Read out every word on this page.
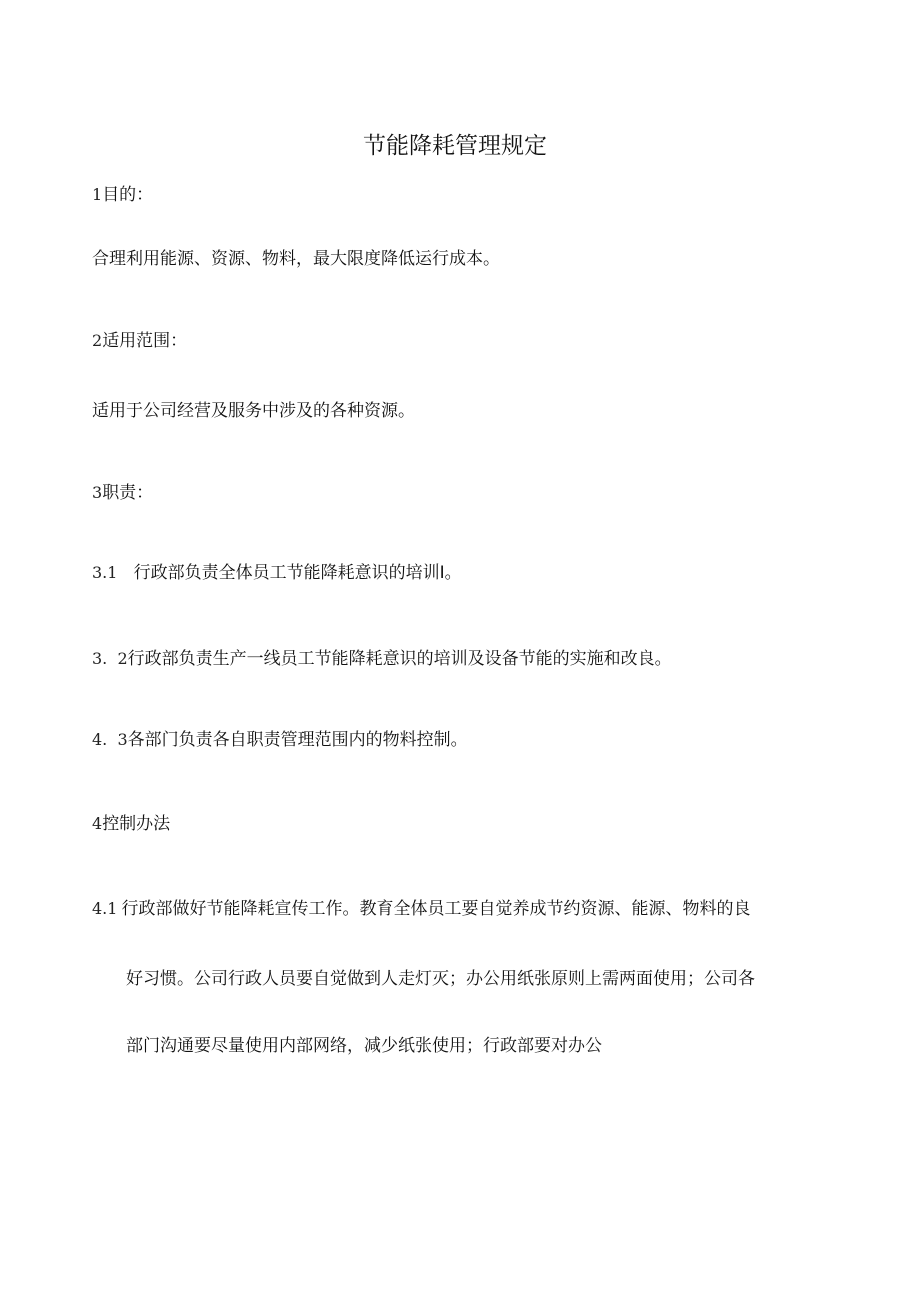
节能降耗管理规定
1目的：
合理利用能源、资源、物料，最大限度降低运行成本。
2适用范围：
适用于公司经营及服务中涉及的各种资源。
3职责：
3.1  行政部负责全体员工节能降耗意识的培训I。
3.  2行政部负责生产一线员工节能降耗意识的培训及设备节能的实施和改良。
4.  3各部门负责各自职责管理范围内的物料控制。
4控制办法
4.1 行政部做好节能降耗宣传工作。教育全体员工要自觉养成节约资源、能源、物料的良
好习惯。公司行政人员要自觉做到人走灯灭；办公用纸张原则上需两面使用；公司各
部门沟通要尽量使用内部网络，减少纸张使用；行政部要对办公
